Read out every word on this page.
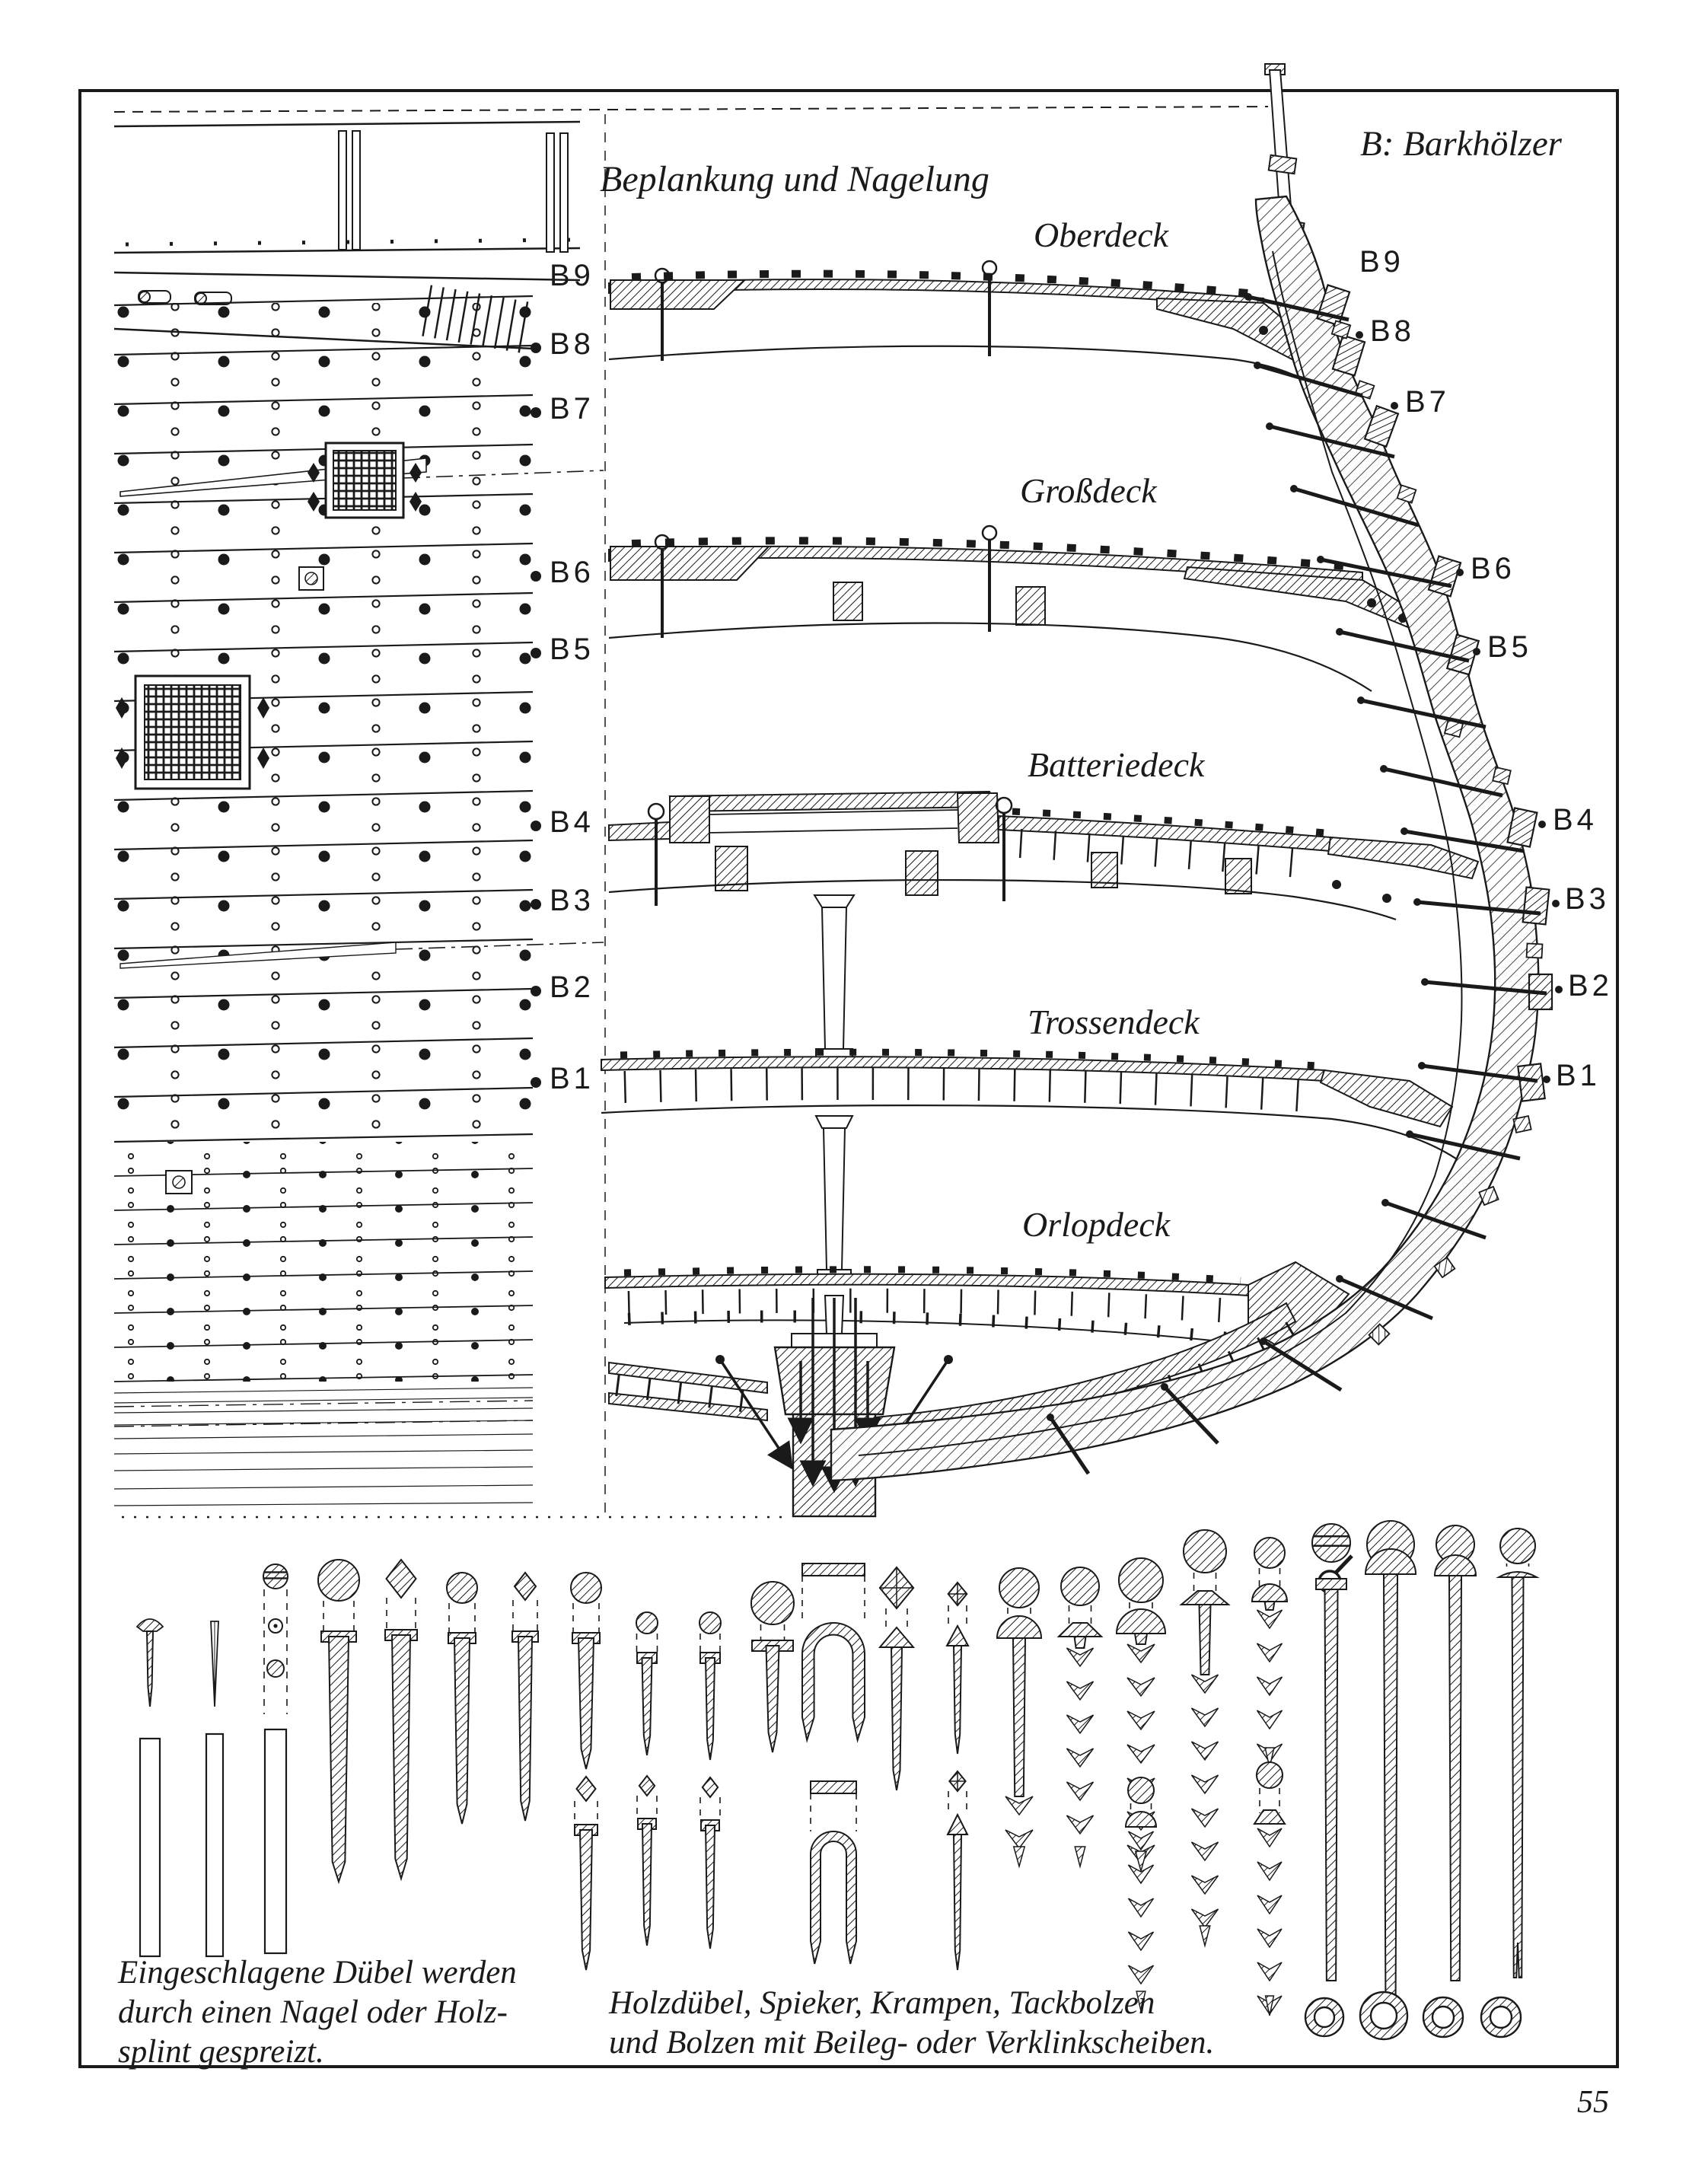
Beplankung und Nagelung
B: Barkhölzer
Oberdeck
Großdeck
Batteriedeck
Trossendeck
Orlopdeck
B9
B8
B7
B6
B5
B4
B3
B2
B1
B9
B8
B7
B6
B5
B4
B3
B2
B1
Eingeschlagene Dübel werden
durch einen Nagel oder Holz-
splint gespreizt.
Holzdübel, Spieker, Krampen, Tackbolzen
und Bolzen mit Beileg- oder Verklinkscheiben.
55
